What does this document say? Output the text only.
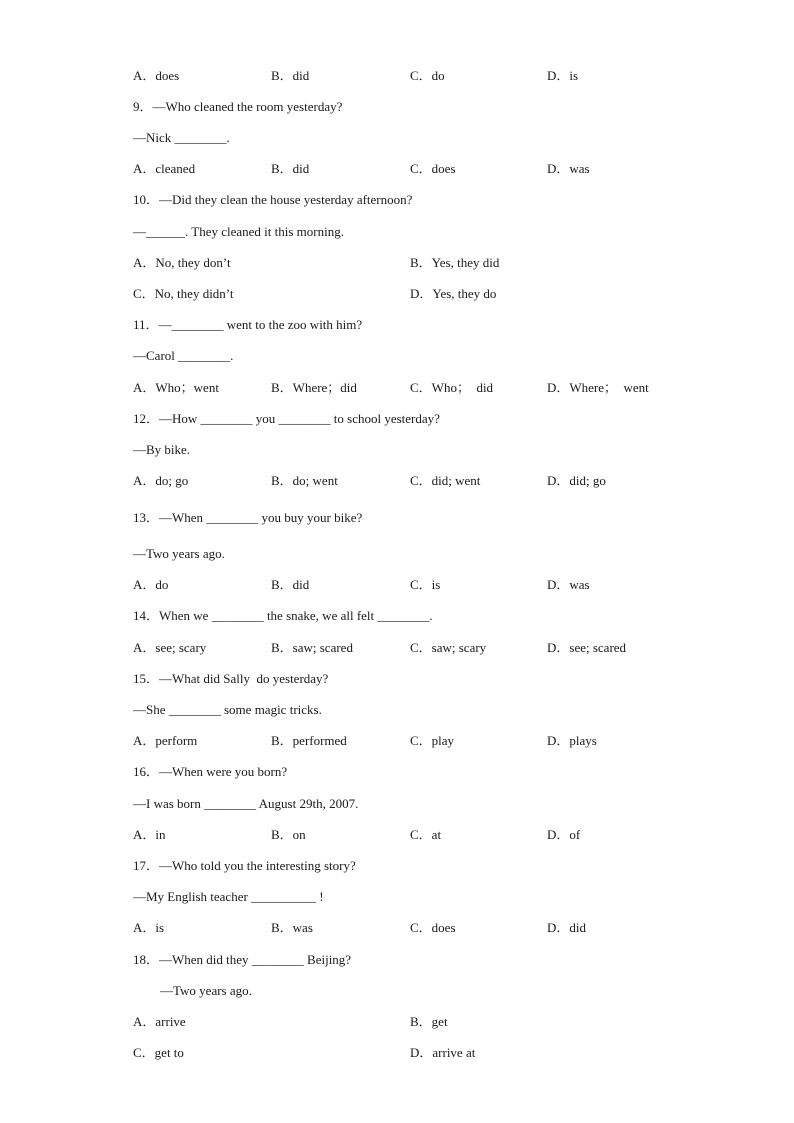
A．does	B．did	C．do	D．is
9．—Who cleaned the room yesterday?
—Nick ________.
A．cleaned	B．did	C．does	D．was
10．—Did they clean the house yesterday afternoon?
—______. They cleaned it this morning.
A．No, they don’t	B．Yes, they did
C．No, they didn’t	D．Yes, they do
11．—________ went to the zoo with him?
—Carol ________.
A．Who；went	B．Where；did	C．Who；  did	D．Where；  went
12．—How ________ you ________ to school yesterday?
—By bike.
A．do; go	B．do; went	C．did; went	D．did; go
13．—When ________ you buy your bike?
—Two years ago.
A．do	B．did	C．is	D．was
14．When we ________ the snake, we all felt ________.
A．see; scary	B．saw; scared	C．saw; scary	D．see; scared
15．—What did Sally  do yesterday?
—She ________ some magic tricks.
A．perform	B．performed	C．play	D．plays
16．—When were you born?
—I was born ________ August 29th, 2007.
A．in	B．on	C．at	D．of
17．—Who told you the interesting story?
—My English teacher __________ !
A．is	B．was	C．does	D．did
18．—When did they ________ Beijing?
—Two years ago.
A．arrive	B．get
C．get to	D．arrive at
